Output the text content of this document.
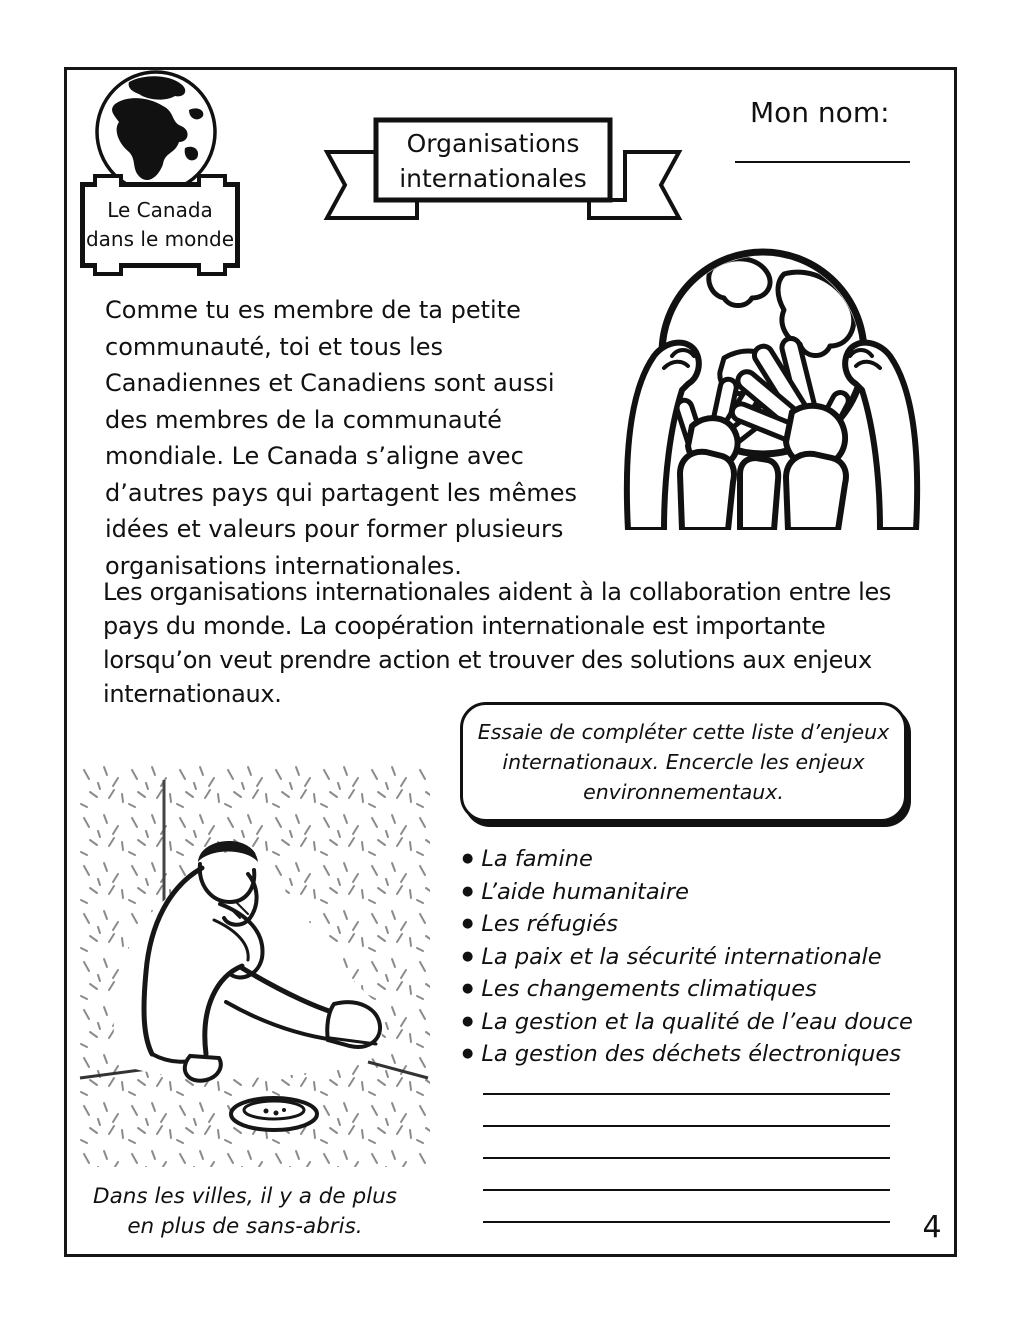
Le Canada
dans le monde
Organisations
internationales
Mon nom:
Comme tu es membre de ta petite communauté, toi et tous les Canadiennes et Canadiens sont aussi des membres de la communauté mondiale. Le Canada s’aligne avec d’autres pays qui partagent les mêmes idées et valeurs pour former plusieurs organisations internationales.
Les organisations internationales aident à la collaboration entre les pays du monde. La coopération internationale est importante lorsqu’on veut prendre action et trouver des solutions aux enjeux internationaux.
Essaie de compléter cette liste d’enjeux internationaux. Encercle les enjeux environnementaux.
● La famine
● L’aide humanitaire
● Les réfugiés
● La paix et la sécurité internationale
● Les changements climatiques
● La gestion et la qualité de l’eau douce
● La gestion des déchets électroniques
Dans les villes, il y a de plus en plus de sans-abris.	4
